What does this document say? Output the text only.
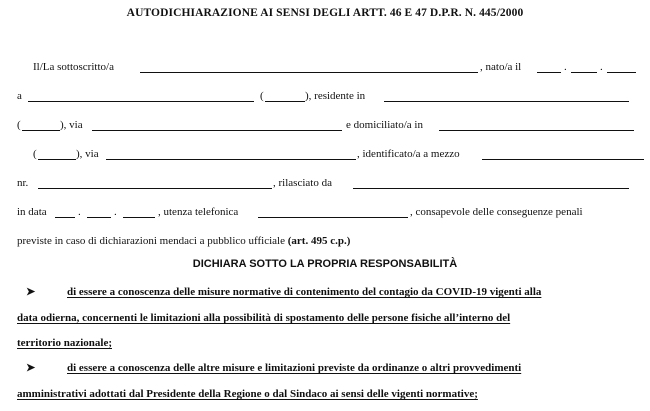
AUTODICHIARAZIONE AI SENSI DEGLI ARTT. 46 E 47 D.P.R. N. 445/2000
Il/La sottoscritto/a	, nato/a il	.	.
a	(	), residente in
(	), via	e domiciliato/a in
(	), via	, identificato/a a mezzo
nr.	, rilasciato da
in data	.	.	, utenza telefonica	, consapevole delle conseguenze penali
previste in caso di dichiarazioni mendaci a pubblico ufficiale (art. 495 c.p.)
DICHIARA SOTTO LA PROPRIA RESPONSABILITÀ
➤	di essere a conoscenza delle misure normative di contenimento del contagio da COVID-19 vigenti alla
data odierna, concernenti le limitazioni alla possibilità di spostamento delle persone fisiche all’interno del
territorio nazionale;
➤	di essere a conoscenza delle altre misure e limitazioni previste da ordinanze o altri provvedimenti
amministrativi adottati dal Presidente della Regione o dal Sindaco ai sensi delle vigenti normative;
